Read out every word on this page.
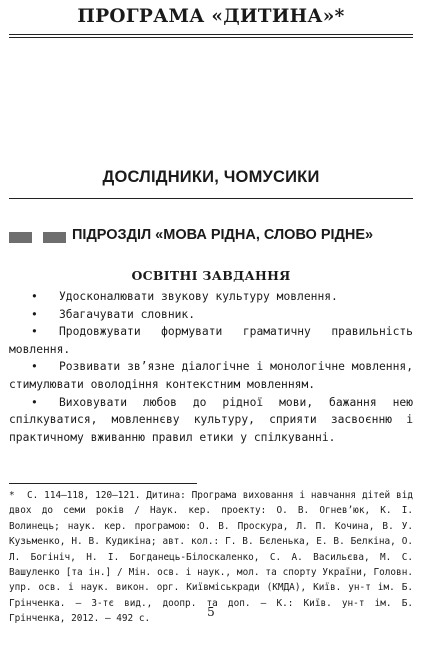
ПРОГРАМА «ДИТИНА»*
ДОСЛІДНИКИ, ЧОМУСИКИ
ПІДРОЗДІЛ «МОВА РІДНА, СЛОВО РІДНЕ»
ОСВІТНІ ЗАВДАННЯ

• Удосконалювати звукову культуру мовлення.

• Збагачувати словник.

• Продовжувати формувати граматичну правильність мовлення.

• Розвивати зв’язне діалогічне і монологічне мовлення, стимулювати оволодіння контекстним мовленням.

• Виховувати любов до рідної мови, бажання нею спілкуватися, мовленнєву культуру, сприяти засвоєнню і практичному вживанню правил етики у спілкуванні.

* С. 114–118, 120–121. Дитина: Програма виховання і навчання дітей від двох до семи років / Наук. кер. проекту: О. В. Огнев’юк, К. І. Волинець; наук. кер. програмою: О. В. Проскура, Л. П. Кочина, В. У. Кузьменко, Н. В. Кудикіна; авт. кол.: Г. В. Бєленька, Е. В. Белкіна, О. Л. Богініч, Н. І. Богданець-Білоскаленко, С. А. Васильєва, М. С. Вашуленко [та ін.] / Мін. осв. і наук., мол. та спорту України, Головн. упр. осв. і наук. викон. орг. Київміськради (КМДА), Київ. ун-т ім. Б. Грінченка. — 3-тє вид., доопр. та доп. — К.: Київ. ун-т ім. Б. Грінченка, 2012. — 492 с.	5
